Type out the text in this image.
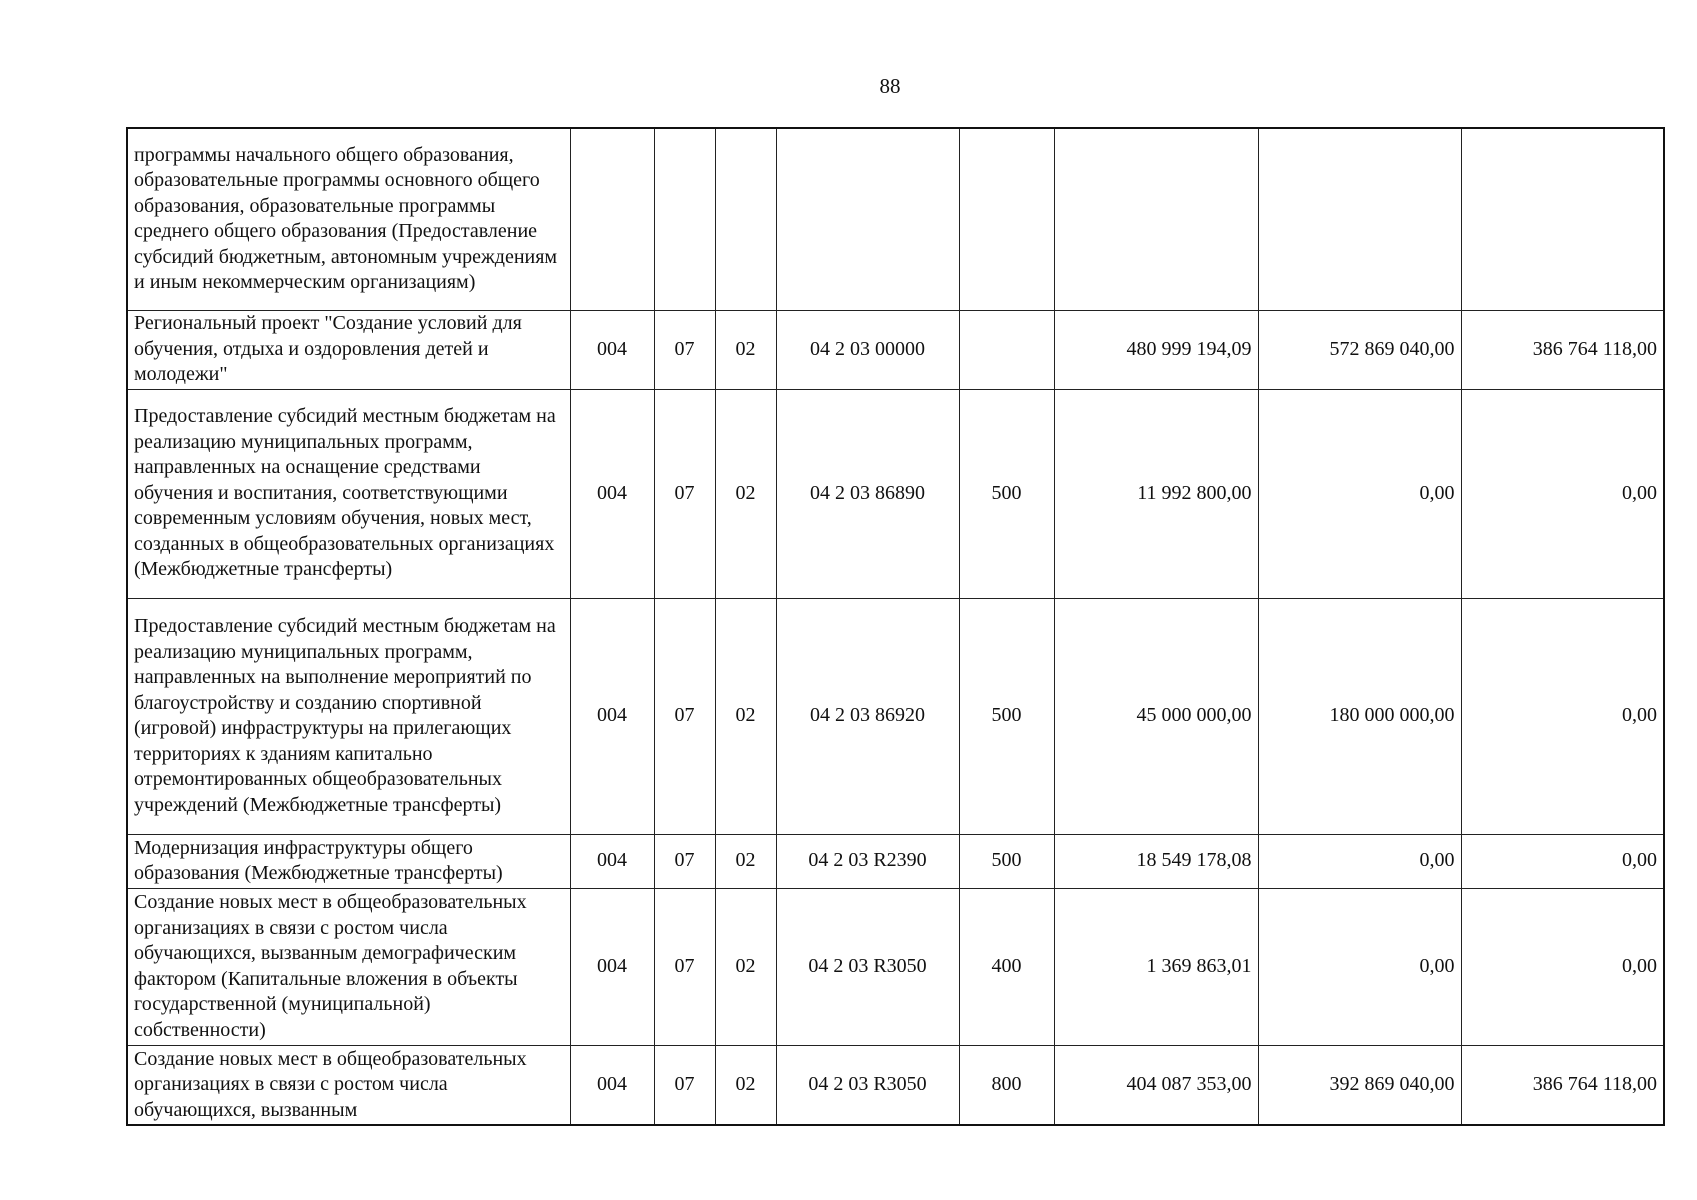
88
программы начального общего образования, образовательные программы основного общего образования, образовательные программы среднего общего образования (Предоставление субсидий бюджетным, автономным учреждениям и иным некоммерческим организациям)								
Региональный проект "Создание условий для обучения, отдыха и оздоровления детей и молодежи"	004	07	02	04 2 03 00000		480 999 194,09	572 869 040,00	386 764 118,00
Предоставление субсидий местным бюджетам на реализацию муниципальных программ, направленных на оснащение средствами обучения и воспитания, соответствующими современным условиям обучения, новых мест, созданных в общеобразовательных организациях (Межбюджетные трансферты)	004	07	02	04 2 03 86890	500	11 992 800,00	0,00	0,00
Предоставление субсидий местным бюджетам на реализацию муниципальных программ, направленных на выполнение мероприятий по благоустройству и созданию спортивной (игровой) инфраструктуры на прилегающих территориях к зданиям капитально отремонтированных общеобразовательных учреждений (Межбюджетные трансферты)	004	07	02	04 2 03 86920	500	45 000 000,00	180 000 000,00	0,00
Модернизация инфраструктуры общего образования (Межбюджетные трансферты)	004	07	02	04 2 03 R2390	500	18 549 178,08	0,00	0,00
Создание новых мест в общеобразовательных организациях в связи с ростом числа обучающихся, вызванным демографическим фактором (Капитальные вложения в объекты государственной (муниципальной) собственности)	004	07	02	04 2 03 R3050	400	1 369 863,01	0,00	0,00
Создание новых мест в общеобразовательных организациях в связи с ростом числа обучающихся, вызванным	004	07	02	04 2 03 R3050	800	404 087 353,00	392 869 040,00	386 764 118,00
